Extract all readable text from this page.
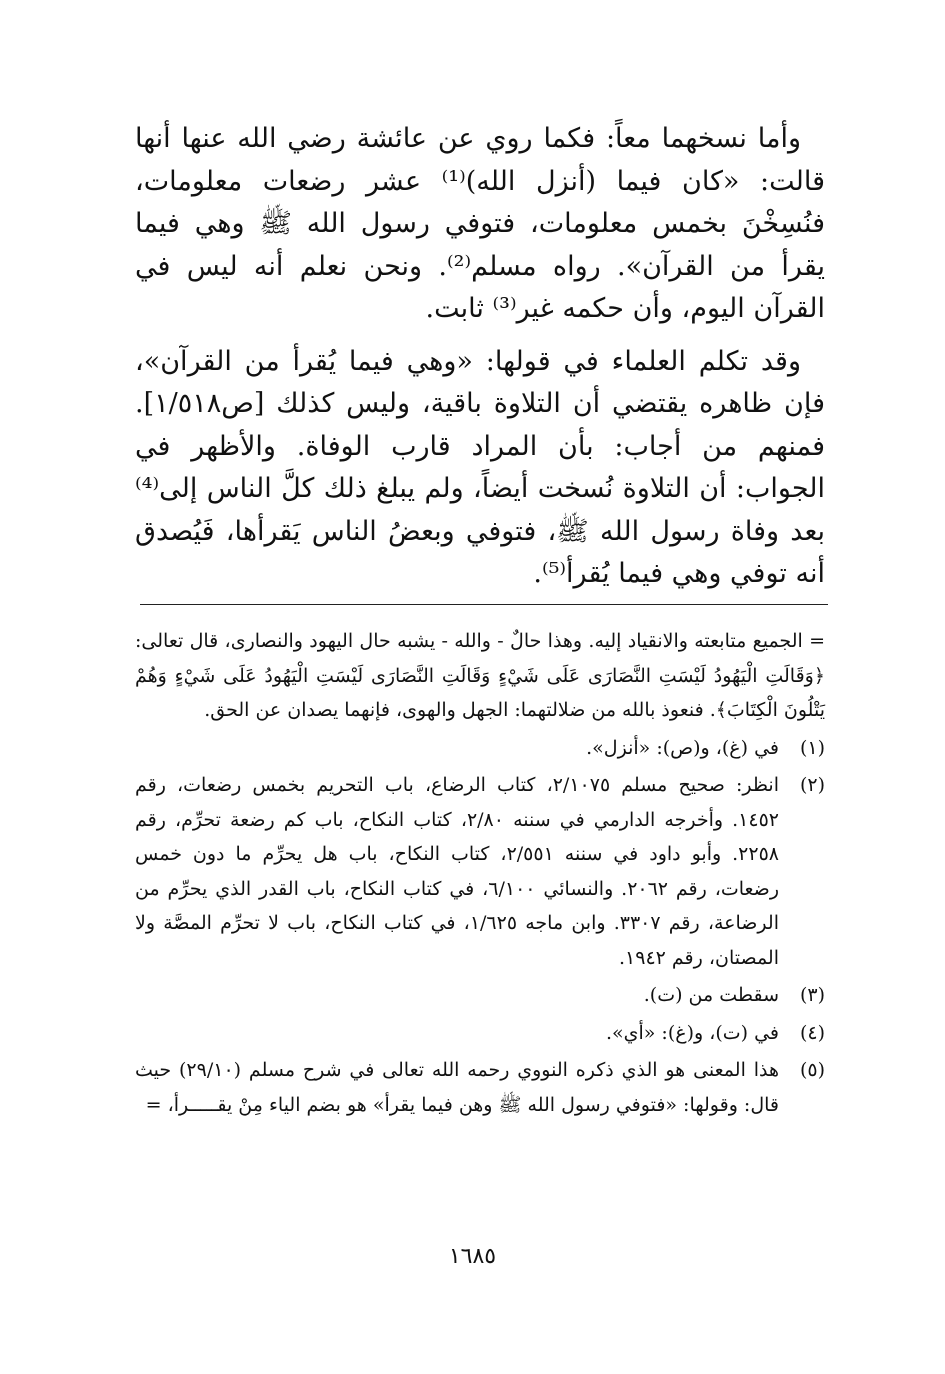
وأما نسخهما معاً: فكما روي عن عائشة رضي الله عنها أنها قالت: «كان فيما (أنزل الله)⁽¹⁾ عشر رضعات معلومات، فنُسِخْنَ بخمس معلومات، فتوفي رسول الله ﷺ وهي فيما يقرأ من القرآن». رواه مسلم⁽²⁾. ونحن نعلم أنه ليس في القرآن اليوم، وأن حكمه غير⁽³⁾ ثابت.

وقد تكلم العلماء في قولها: «وهي فيما يُقرأ من القرآن»، فإن ظاهره يقتضي أن التلاوة باقية، وليس كذلك [ص١/٥١٨]. فمنهم من أجاب: بأن المراد قارب الوفاة. والأظهر في الجواب: أن التلاوة نُسخت أيضاً، ولم يبلغ ذلك كلَّ الناس إلى⁽⁴⁾ بعد وفاة رسول الله ﷺ، فتوفي وبعضُ الناس يَقرأها، فَيُصدق أنه توفي وهي فيما يُقرأ⁽⁵⁾.

= الجميع متابعته والانقياد إليه. وهذا حالٌ - والله - يشبه حال اليهود والنصارى، قال تعالى: ﴿وَقَالَتِ الْيَهُودُ لَيْسَتِ النَّصَارَى عَلَى شَيْءٍ وَقَالَتِ النَّصَارَى لَيْسَتِ الْيَهُودُ عَلَى شَيْءٍ وَهُمْ يَتْلُونَ الْكِتَابَ﴾. فنعوذ بالله من ضلالتهما: الجهل والهوى، فإنهما يصدان عن الحق.
(١)
في (غ)، و(ص): «أنزل».
(٢)
انظر: صحيح مسلم ٢/١٠٧٥، كتاب الرضاع، باب التحريم بخمس رضعات، رقم ١٤٥٢. وأخرجه الدارمي في سننه ٢/٨٠، كتاب النكاح، باب كم رضعة تحرِّم، رقم ٢٢٥٨. وأبو داود في سننه ٢/٥٥١، كتاب النكاح، باب هل يحرِّم ما دون خمس رضعات، رقم ٢٠٦٢. والنسائي ٦/١٠٠، في كتاب النكاح، باب القدر الذي يحرِّم من الرضاعة، رقم ٣٣٠٧. وابن ماجه ١/٦٢٥، في كتاب النكاح، باب لا تحرِّم المصَّة ولا المصتان، رقم ١٩٤٢.
(٣)
سقطت من (ت).
(٤)
في (ت)، و(غ): «أي».
(٥)
هذا المعنى هو الذي ذكره النووي رحمه الله تعالى في شرح مسلم (٢٩/١٠) حيث قال: وقولها: «فتوفي رسول الله ﷺ وهن فيما يقرأ» هو بضم الياء مِنْ يقـــــرأ، =
١٦٨٥
